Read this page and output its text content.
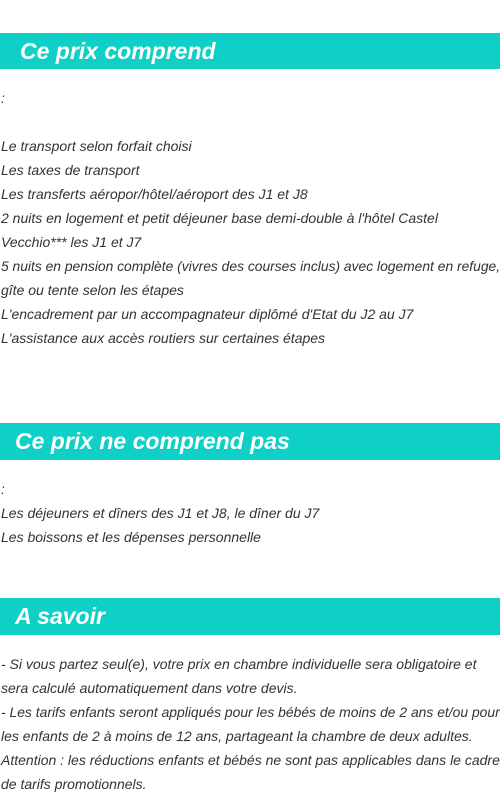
Ce prix comprend
:
Le transport selon forfait choisi
Les taxes de transport
Les transferts aéropor/hôtel/aéroport des J1 et J8
2 nuits en logement et petit déjeuner base demi-double à l'hôtel Castel
Vecchio*** les J1 et J7
5 nuits en pension complète (vivres des courses inclus) avec logement en refuge,
gîte ou tente selon les étapes
L'encadrement par un accompagnateur diplômé d'Etat du J2 au J7
L'assistance aux accès routiers sur certaines étapes
Ce prix ne comprend pas
:
Les déjeuners et dîners des J1 et J8, le dîner du J7
Les boissons et les dépenses personnelle
A savoir
- Si vous partez seul(e), votre prix en chambre individuelle sera obligatoire et
sera calculé automatiquement dans votre devis.
- Les tarifs enfants seront appliqués pour les bébés de moins de 2 ans et/ou pour
les enfants de 2 à moins de 12 ans, partageant la chambre de deux adultes.
Attention : les réductions enfants et bébés ne sont pas applicables dans le cadre
de tarifs promotionnels.
